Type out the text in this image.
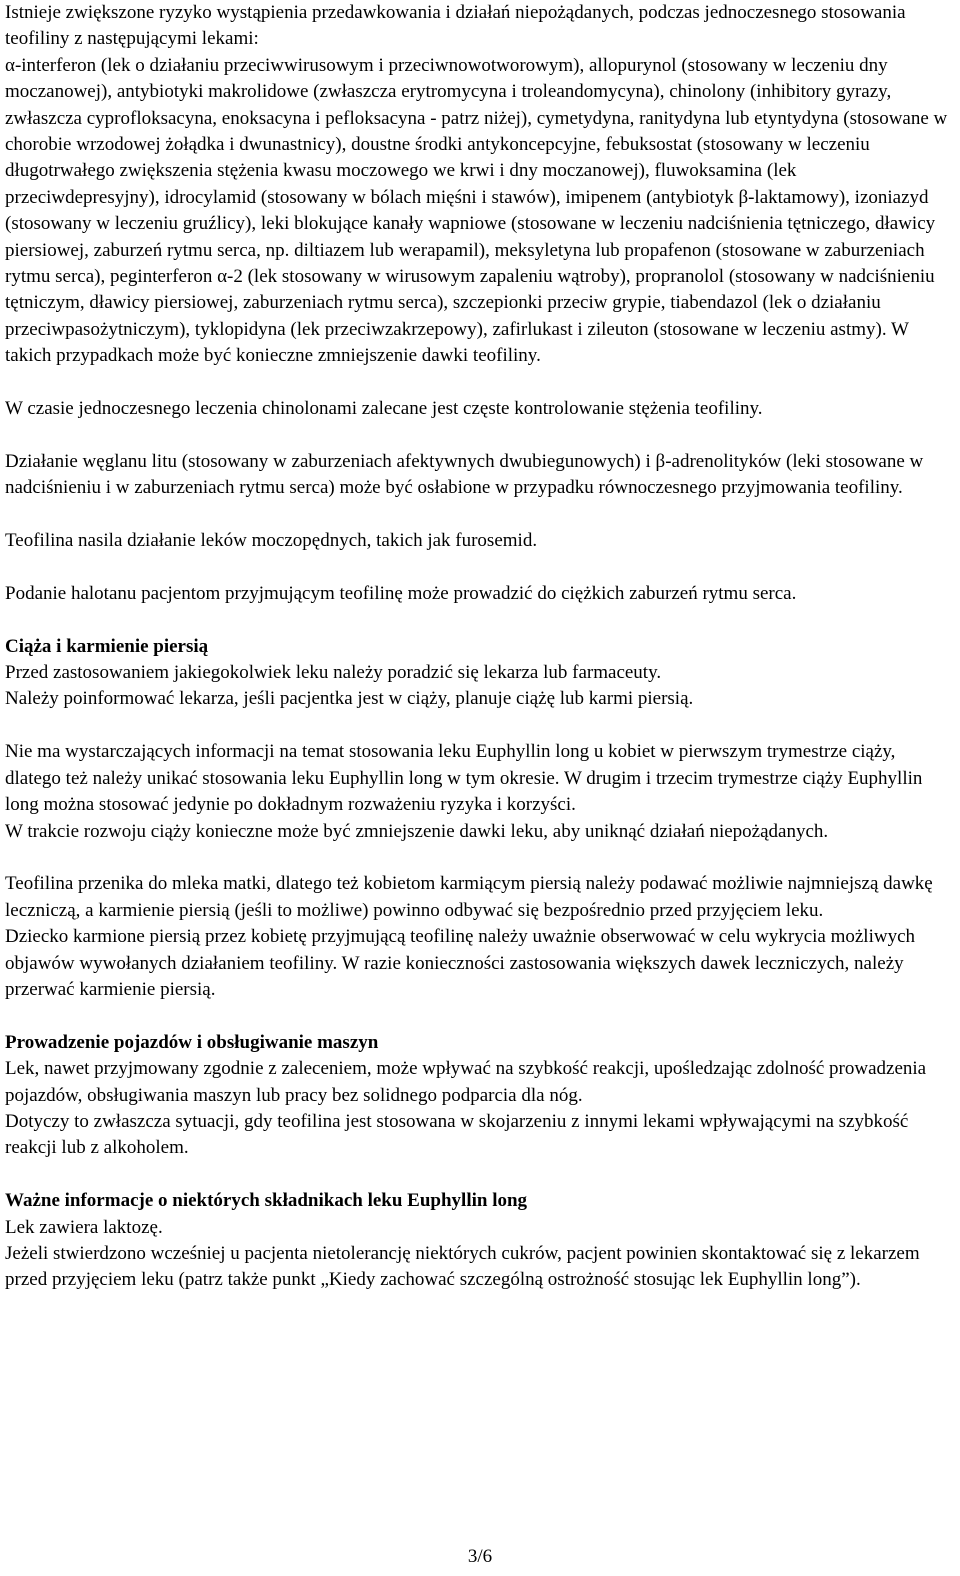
Istnieje zwiększone ryzyko wystąpienia przedawkowania i działań niepożądanych, podczas jednoczesnego stosowania teofiliny z następującymi lekami:

α-interferon (lek o działaniu przeciwwirusowym i przeciwnowotworowym), allopurynol (stosowany w leczeniu dny moczanowej), antybiotyki makrolidowe (zwłaszcza erytromycyna i troleandomycyna), chinolony (inhibitory gyrazy, zwłaszcza cyprofloksacyna, enoksacyna i pefloksacyna - patrz niżej), cymetydyna, ranitydyna lub etyntydyna (stosowane w chorobie wrzodowej żołądka i dwunastnicy), doustne środki antykoncepcyjne, febuksostat (stosowany w leczeniu długotrwałego zwiększenia stężenia kwasu moczowego we krwi i dny moczanowej), fluwoksamina (lek przeciwdepresyjny), idrocylamid (stosowany w bólach mięśni i stawów), imipenem (antybiotyk β-laktamowy), izoniazyd (stosowany w leczeniu gruźlicy), leki blokujące kanały wapniowe (stosowane w leczeniu nadciśnienia tętniczego, dławicy piersiowej, zaburzeń rytmu serca, np. diltiazem lub werapamil), meksyletyna lub propafenon (stosowane w zaburzeniach rytmu serca), peginterferon α-2 (lek stosowany w wirusowym zapaleniu wątroby), propranolol (stosowany w nadciśnieniu tętniczym, dławicy piersiowej, zaburzeniach rytmu serca), szczepionki przeciw grypie, tiabendazol (lek o działaniu przeciwpasożytniczym), tyklopidyna (lek przeciwzakrzepowy), zafirlukast i zileuton (stosowane w leczeniu astmy). W takich przypadkach może być konieczne zmniejszenie dawki teofiliny.

W czasie jednoczesnego leczenia chinolonami zalecane jest częste kontrolowanie stężenia teofiliny.

Działanie węglanu litu (stosowany w zaburzeniach afektywnych dwubiegunowych) i β-adrenolityków (leki stosowane w nadciśnieniu i w zaburzeniach rytmu serca) może być osłabione w przypadku równoczesnego przyjmowania teofiliny.

Teofilina nasila działanie leków moczopędnych, takich jak furosemid.

Podanie halotanu pacjentom przyjmującym teofilinę może prowadzić do ciężkich zaburzeń rytmu serca.

Ciąża i karmienie piersią
Przed zastosowaniem jakiegokolwiek leku należy poradzić się lekarza lub farmaceuty.
Należy poinformować lekarza, jeśli pacjentka jest w ciąży, planuje ciążę lub karmi piersią.

Nie ma wystarczających informacji na temat stosowania leku Euphyllin long u kobiet w pierwszym trymestrze ciąży, dlatego też należy unikać stosowania leku Euphyllin long w tym okresie. W drugim i trzecim trymestrze ciąży Euphyllin long można stosować jedynie po dokładnym rozważeniu ryzyka i korzyści.

W trakcie rozwoju ciąży konieczne może być zmniejszenie dawki leku, aby uniknąć działań niepożądanych.

Teofilina przenika do mleka matki, dlatego też kobietom karmiącym piersią należy podawać możliwie najmniejszą dawkę leczniczą, a karmienie piersią (jeśli to możliwe) powinno odbywać się bezpośrednio przed przyjęciem leku.

Dziecko karmione piersią przez kobietę przyjmującą teofilinę należy uważnie obserwować w celu wykrycia możliwych objawów wywołanych działaniem teofiliny. W razie konieczności zastosowania większych dawek leczniczych, należy przerwać karmienie piersią.

Prowadzenie pojazdów i obsługiwanie maszyn
Lek, nawet przyjmowany zgodnie z zaleceniem, może wpływać na szybkość reakcji, upośledzając zdolność prowadzenia pojazdów, obsługiwania maszyn lub pracy bez solidnego podparcia dla nóg.
Dotyczy to zwłaszcza sytuacji, gdy teofilina jest stosowana w skojarzeniu z innymi lekami wpływającymi na szybkość reakcji lub z alkoholem.

Ważne informacje o niektórych składnikach leku Euphyllin long
Lek zawiera laktozę.
Jeżeli stwierdzono wcześniej u pacjenta nietolerancję niektórych cukrów, pacjent powinien skontaktować się z lekarzem przed przyjęciem leku (patrz także punkt „Kiedy zachować szczególną ostrożność stosując lek Euphyllin long”).

3/6
